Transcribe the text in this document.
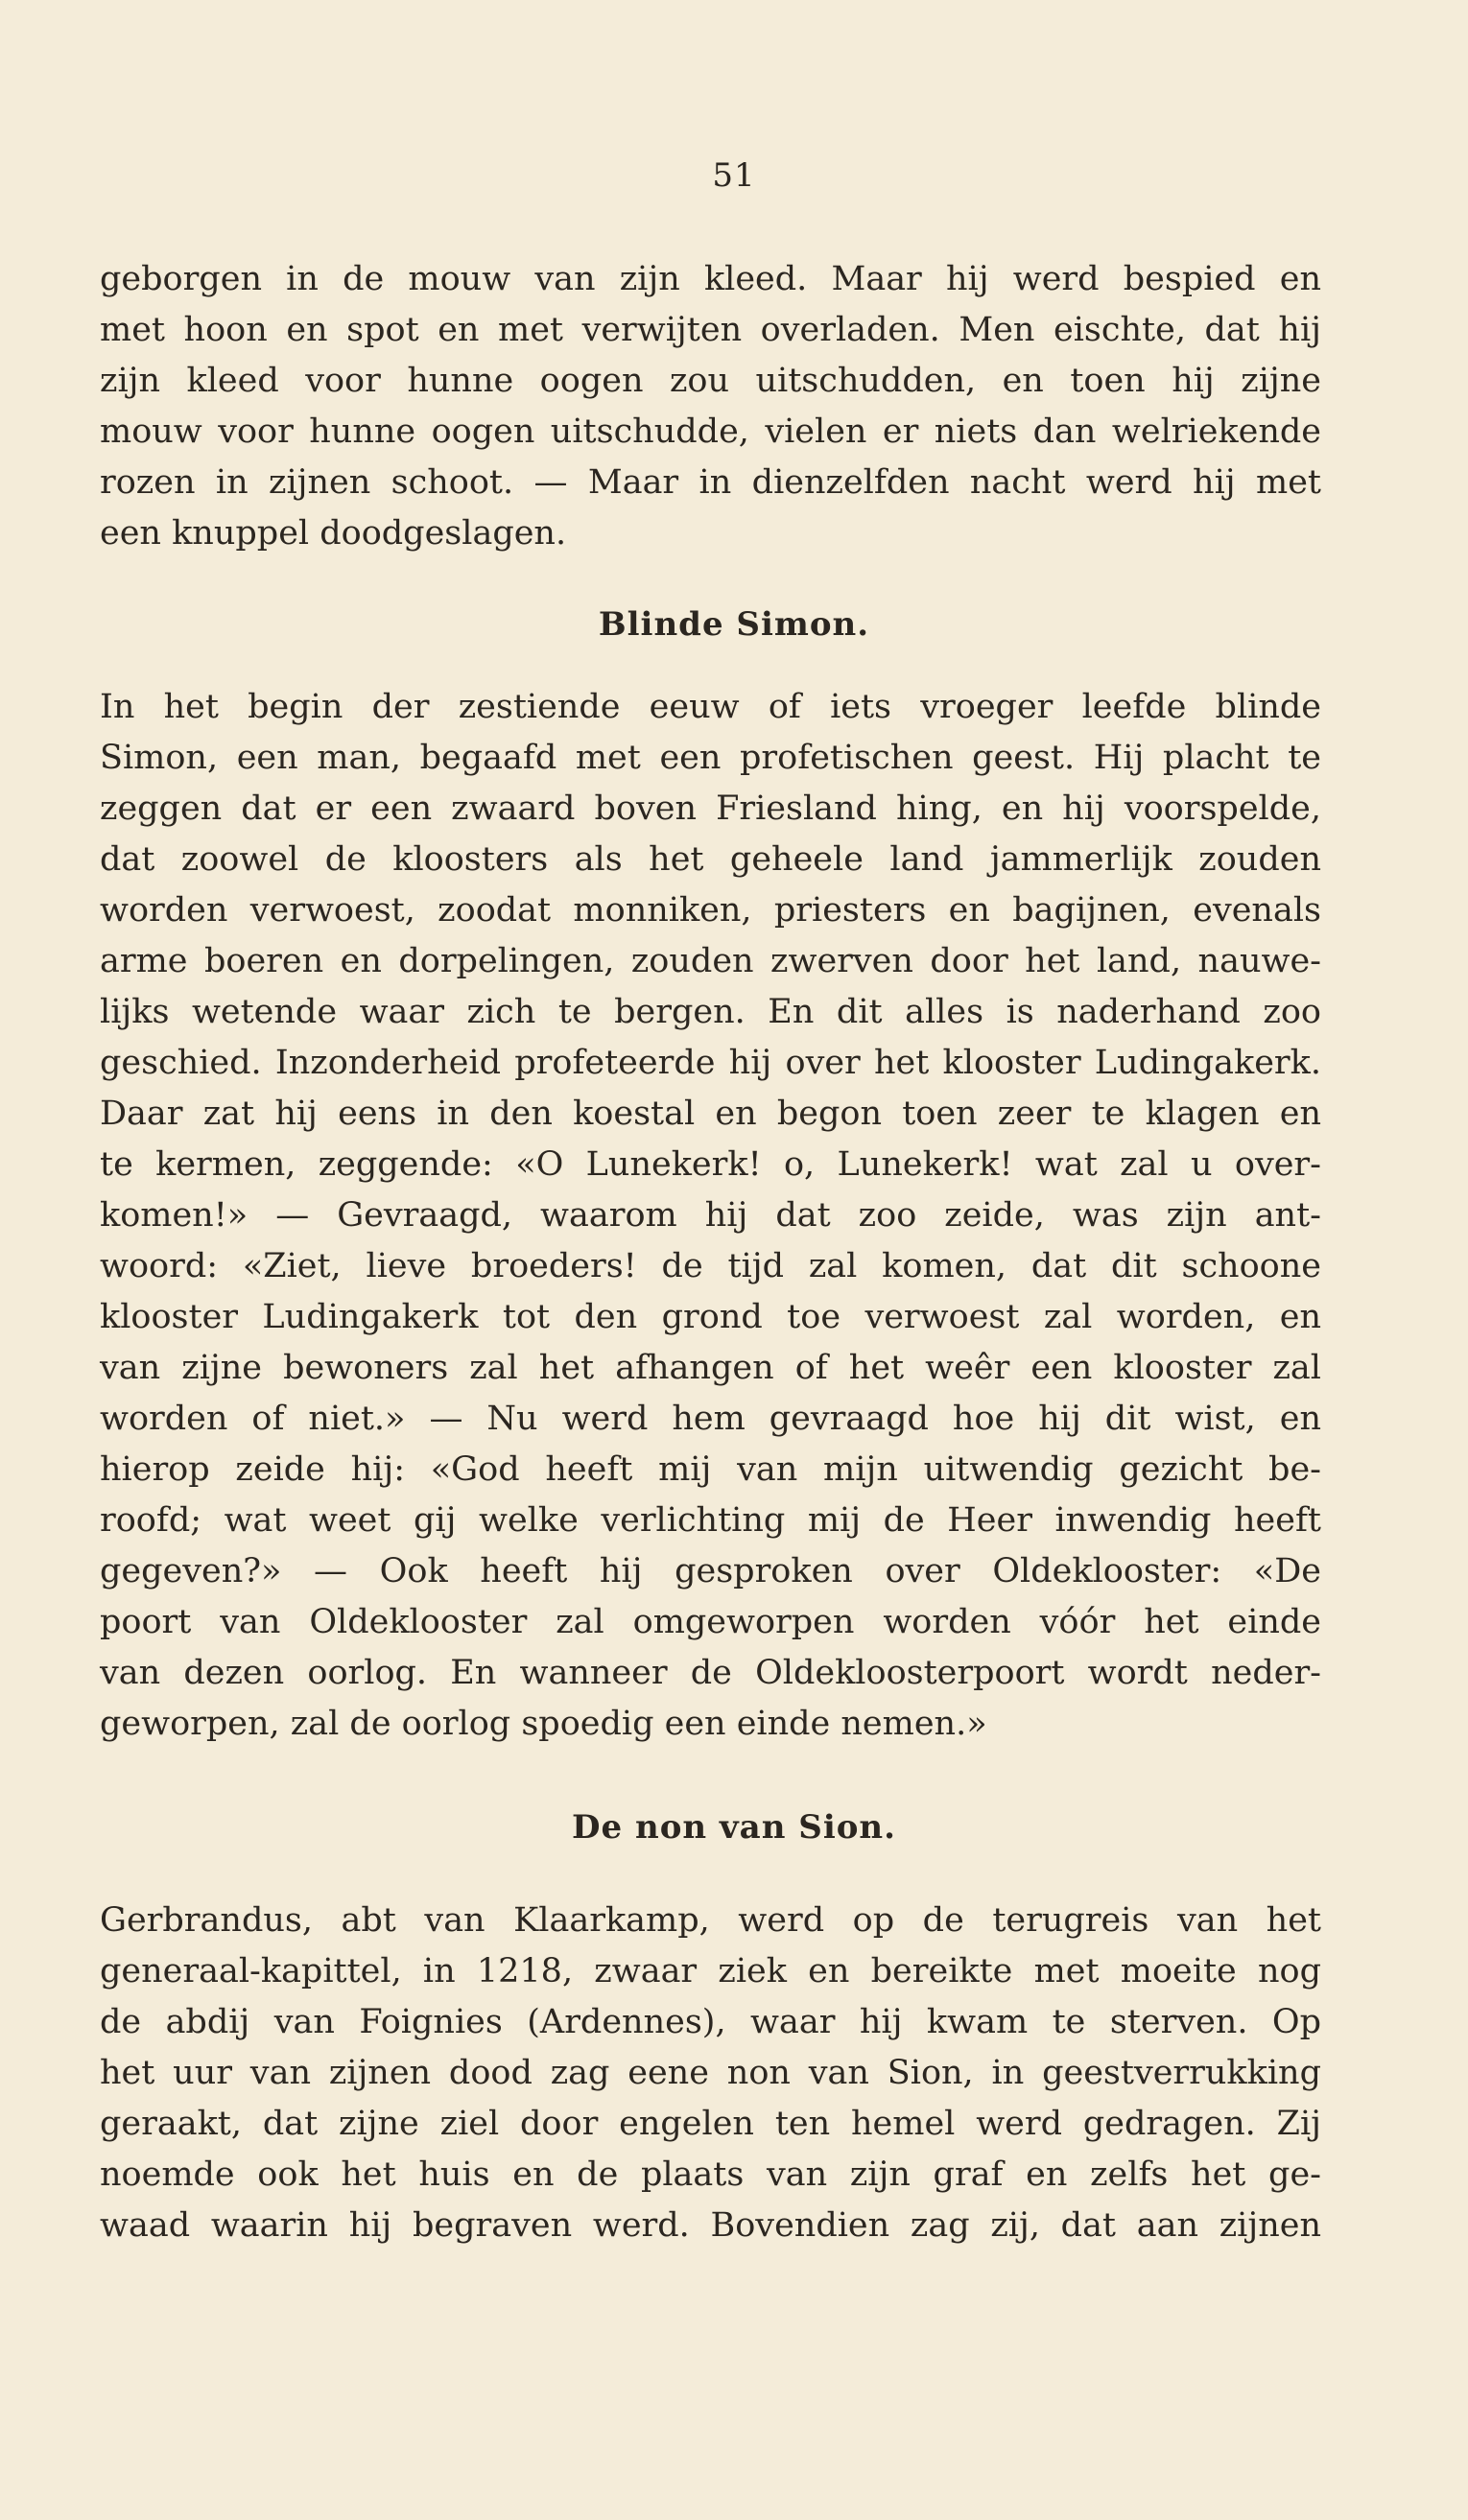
51
geborgen in de mouw van zijn kleed. Maar hij werd bespied en
met hoon en spot en met verwijten overladen. Men eischte, dat hij
zijn kleed voor hunne oogen zou uitschudden, en toen hij zijne
mouw voor hunne oogen uitschudde, vielen er niets dan welriekende
rozen in zijnen schoot. — Maar in dienzelfden nacht werd hij met
een knuppel doodgeslagen.
Blinde Simon.
In het begin der zestiende eeuw of iets vroeger leefde blinde
Simon, een man, begaafd met een profetischen geest. Hij placht te
zeggen dat er een zwaard boven Friesland hing, en hij voorspelde,
dat zoowel de kloosters als het geheele land jammerlijk zouden
worden verwoest, zoodat monniken, priesters en bagijnen, evenals
arme boeren en dorpelingen, zouden zwerven door het land, nauwe-
lijks wetende waar zich te bergen. En dit alles is naderhand zoo
geschied. Inzonderheid profeteerde hij over het klooster Ludingakerk.
Daar zat hij eens in den koestal en begon toen zeer te klagen en
te kermen, zeggende: «O Lunekerk! o, Lunekerk! wat zal u over-
komen!» — Gevraagd, waarom hij dat zoo zeide, was zijn ant-
woord: «Ziet, lieve broeders! de tijd zal komen, dat dit schoone
klooster Ludingakerk tot den grond toe verwoest zal worden, en
van zijne bewoners zal het afhangen of het weêr een klooster zal
worden of niet.» — Nu werd hem gevraagd hoe hij dit wist, en
hierop zeide hij: «God heeft mij van mijn uitwendig gezicht be-
roofd; wat weet gij welke verlichting mij de Heer inwendig heeft
gegeven?» — Ook heeft hij gesproken over Oldeklooster: «De
poort van Oldeklooster zal omgeworpen worden vóór het einde
van dezen oorlog. En wanneer de Oldekloosterpoort wordt neder-
geworpen, zal de oorlog spoedig een einde nemen.»
De non van Sion.
Gerbrandus, abt van Klaarkamp, werd op de terugreis van het
generaal-kapittel, in 1218, zwaar ziek en bereikte met moeite nog
de abdij van Foignies (Ardennes), waar hij kwam te sterven. Op
het uur van zijnen dood zag eene non van Sion, in geestverrukking
geraakt, dat zijne ziel door engelen ten hemel werd gedragen. Zij
noemde ook het huis en de plaats van zijn graf en zelfs het ge-
waad waarin hij begraven werd. Bovendien zag zij, dat aan zijnen
